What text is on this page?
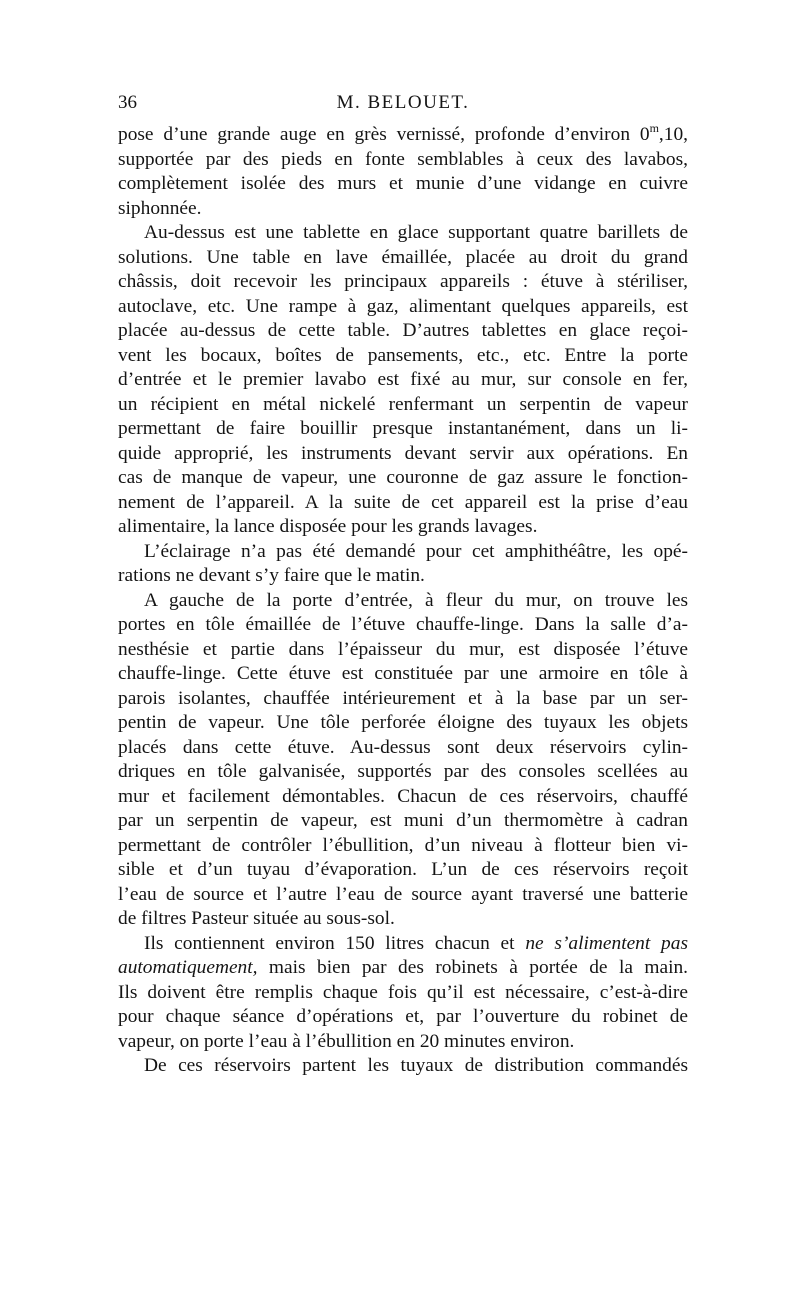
36	M. BELOUET.
pose d’une grande auge en grès vernissé, profonde d’environ 0$^m$,10,
supportée par des pieds en fonte semblables à ceux des lavabos,
complètement isolée des murs et munie d’une vidange en cuivre
siphonnée.
Au-dessus est une tablette en glace supportant quatre barillets de
solutions. Une table en lave émaillée, placée au droit du grand
châssis, doit recevoir les principaux appareils : étuve à stériliser,
autoclave, etc. Une rampe à gaz, alimentant quelques appareils, est
placée au-dessus de cette table. D’autres tablettes en glace reçoi-
vent les bocaux, boîtes de pansements, etc., etc. Entre la porte
d’entrée et le premier lavabo est fixé au mur, sur console en fer,
un récipient en métal nickelé renfermant un serpentin de vapeur
permettant de faire bouillir presque instantanément, dans un li-
quide approprié, les instruments devant servir aux opérations. En
cas de manque de vapeur, une couronne de gaz assure le fonction-
nement de l’appareil. A la suite de cet appareil est la prise d’eau
alimentaire, la lance disposée pour les grands lavages.
L’éclairage n’a pas été demandé pour cet amphithéâtre, les opé-
rations ne devant s’y faire que le matin.
A gauche de la porte d’entrée, à fleur du mur, on trouve les
portes en tôle émaillée de l’étuve chauffe-linge. Dans la salle d’a-
nesthésie et partie dans l’épaisseur du mur, est disposée l’étuve
chauffe-linge. Cette étuve est constituée par une armoire en tôle à
parois isolantes, chauffée intérieurement et à la base par un ser-
pentin de vapeur. Une tôle perforée éloigne des tuyaux les objets
placés dans cette étuve. Au-dessus sont deux réservoirs cylin-
driques en tôle galvanisée, supportés par des consoles scellées au
mur et facilement démontables. Chacun de ces réservoirs, chauffé
par un serpentin de vapeur, est muni d’un thermomètre à cadran
permettant de contrôler l’ébullition, d’un niveau à flotteur bien vi-
sible et d’un tuyau d’évaporation. L’un de ces réservoirs reçoit
l’eau de source et l’autre l’eau de source ayant traversé une batterie
de filtres Pasteur située au sous-sol.
Ils contiennent environ 150 litres chacun et ne s’alimentent pas
automatiquement, mais bien par des robinets à portée de la main.
Ils doivent être remplis chaque fois qu’il est nécessaire, c’est-à-dire
pour chaque séance d’opérations et, par l’ouverture du robinet de
vapeur, on porte l’eau à l’ébullition en 20 minutes environ.
De ces réservoirs partent les tuyaux de distribution commandés
